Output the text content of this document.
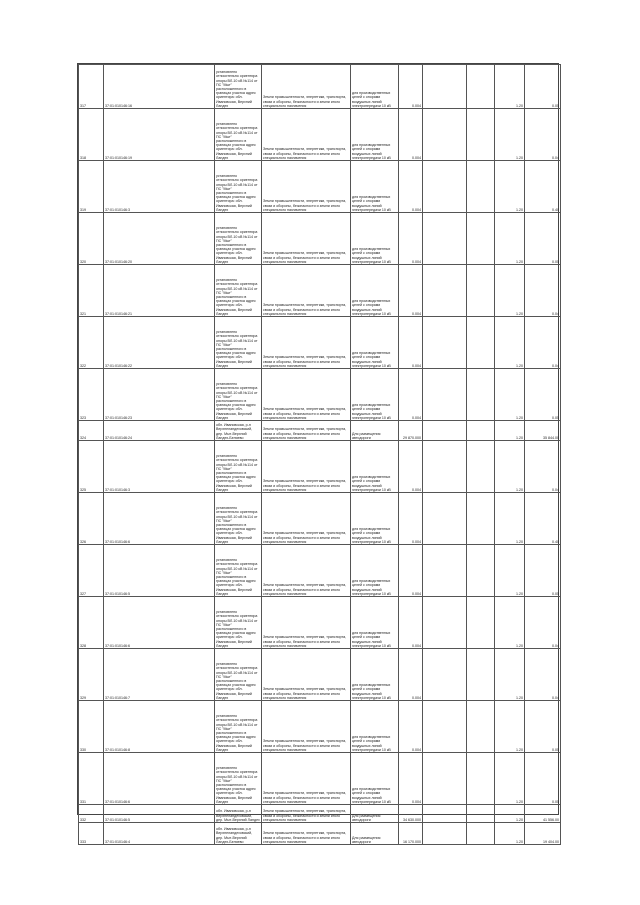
317	37:01:010146:16	установлено относительно ориентира опоры ВЛ-10 кВ №114 от ПС "Мыт" расположенного в границах участка адрес ориентира: обл. Ивановская, Верхний Ландех	Земли промышленности, энергетики, транспорта, связи и обороны, безопасности и земли иного специального назначения	для производственных целей с опорами воздушных линий электропередачи 10 кВ	0.004			1.20	0.05
318	37:01:010146:19	установлено относительно ориентира опоры ВЛ-10 кВ №114 от ПС "Мыт" расположенного в границах участка адрес ориентира: обл. Ивановская, Верхний Ландех	Земли промышленности, энергетики, транспорта, связи и обороны, безопасности и земли иного специального назначения	для производственных целей с опорами воздушных линий электропередачи 10 кВ	0.004			1.20	0.04
319	37:01:010146:3	установлено относительно ориентира опоры ВЛ-10 кВ №114 от ПС "Мыт" расположенного в границах участка адрес ориентира: обл. Ивановская, Верхний Ландех	Земли промышленности, энергетики, транспорта, связи и обороны, безопасности и земли иного специального назначения	для производственных целей с опорами воздушных линий электропередачи 10 кВ	0.004			1.20	0.40
320	37:01:010146:20	установлено относительно ориентира опоры ВЛ-10 кВ №114 от ПС "Мыт" расположенного в границах участка адрес ориентира: обл. Ивановская, Верхний Ландех	Земли промышленности, энергетики, транспорта, связи и обороны, безопасности и земли иного специального назначения	для производственных целей с опорами воздушных линий электропередачи 10 кВ	0.004			1.20	0.05
321	37:01:010146:21	установлено относительно ориентира опоры ВЛ-10 кВ №114 от ПС "Мыт" расположенного в границах участка адрес ориентира: обл. Ивановская, Верхний Ландех	Земли промышленности, энергетики, транспорта, связи и обороны, безопасности и земли иного специального назначения	для производственных целей с опорами воздушных линий электропередачи 10 кВ	0.004			1.20	0.04
322	37:01:010146:22	установлено относительно ориентира опоры ВЛ-10 кВ №114 от ПС "Мыт" расположенного в границах участка адрес ориентира: обл. Ивановская, Верхний Ландех	Земли промышленности, энергетики, транспорта, связи и обороны, безопасности и земли иного специального назначения	для производственных целей с опорами воздушных линий электропередачи 10 кВ	0.004			1.20	0.04
323	37:01:010146:23	установлено относительно ориентира опоры ВЛ-10 кВ №114 от ПС "Мыт" расположенного в границах участка адрес ориентира: обл. Ивановская, Верхний Ландех	Земли промышленности, энергетики, транспорта, связи и обороны, безопасности и земли иного специального назначения	для производственных целей с опорами воздушных линий электропередачи 10 кВ	0.004			1.20	0.05
324	37:01:010146:24	обл. Ивановская, р-н Верхнеландеховский, дер. Мыт-Верхний Ландех-Беляево	Земли промышленности, энергетики, транспорта, связи и обороны, безопасности и земли иного специального назначения	Для размещения автодороги	29 870.000			1.20	35 844.00
325	37:01:010146:3	установлено относительно ориентира опоры ВЛ-10 кВ №114 от ПС "Мыт" расположенного в границах участка адрес ориентира: обл. Ивановская, Верхний Ландех	Земли промышленности, энергетики, транспорта, связи и обороны, безопасности и земли иного специального назначения	для производственных целей с опорами воздушных линий электропередачи 10 кВ	0.004			1.20	0.04
326	37:01:010146:6	установлено относительно ориентира опоры ВЛ-10 кВ №114 от ПС "Мыт" расположенного в границах участка адрес ориентира: обл. Ивановская, Верхний Ландех	Земли промышленности, энергетики, транспорта, связи и обороны, безопасности и земли иного специального назначения	для производственных целей с опорами воздушных линий электропередачи 10 кВ	0.004			1.20	0.40
327	37:01:010146:5	установлено относительно ориентира опоры ВЛ-10 кВ №114 от ПС "Мыт" расположенного в границах участка адрес ориентира: обл. Ивановская, Верхний Ландех	Земли промышленности, энергетики, транспорта, связи и обороны, безопасности и земли иного специального назначения	для производственных целей с опорами воздушных линий электропередачи 10 кВ	0.004			1.20	0.05
328	37:01:010146:6	установлено относительно ориентира опоры ВЛ-10 кВ №114 от ПС "Мыт" расположенного в границах участка адрес ориентира: обл. Ивановская, Верхний Ландех	Земли промышленности, энергетики, транспорта, связи и обороны, безопасности и земли иного специального назначения	для производственных целей с опорами воздушных линий электропередачи 10 кВ	0.004			1.20	0.04
329	37:01:010146:7	установлено относительно ориентира опоры ВЛ-10 кВ №114 от ПС "Мыт" расположенного в границах участка адрес ориентира: обл. Ивановская, Верхний Ландех	Земли промышленности, энергетики, транспорта, связи и обороны, безопасности и земли иного специального назначения	для производственных целей с опорами воздушных линий электропередачи 10 кВ	0.004			1.20	0.04
330	37:01:010146:8	установлено относительно ориентира опоры ВЛ-10 кВ №114 от ПС "Мыт" расположенного в границах участка адрес ориентира: обл. Ивановская, Верхний Ландех	Земли промышленности, энергетики, транспорта, связи и обороны, безопасности и земли иного специального назначения	для производственных целей с опорами воздушных линий электропередачи 10 кВ	0.004			1.20	0.05
331	37:01:010146:6	установлено относительно ориентира опоры ВЛ-10 кВ №114 от ПС "Мыт" расположенного в границах участка адрес ориентира: обл. Ивановская, Верхний Ландех	Земли промышленности, энергетики, транспорта, связи и обороны, безопасности и земли иного специального назначения	для производственных целей с опорами воздушных линий электропередачи 10 кВ	0.004			1.20	0.05
332	37:01:010146:5	обл. Ивановская, р-н Верхнеландеховский, дер. Мыт-Верхний Ландех	Земли промышленности, энергетики, транспорта, связи и обороны, безопасности и земли иного специального назначения	Для размещения автодороги	34 630.000			1.20	41 556.00
333	37:01:010146:4	обл. Ивановская, р-н Верхнеландеховский, дер. Мыт-Верхний Ландех-Беляево	Земли промышленности, энергетики, транспорта, связи и обороны, безопасности и земли иного специального назначения	Для размещения автодороги	16 170.000			1.20	19 404.00
